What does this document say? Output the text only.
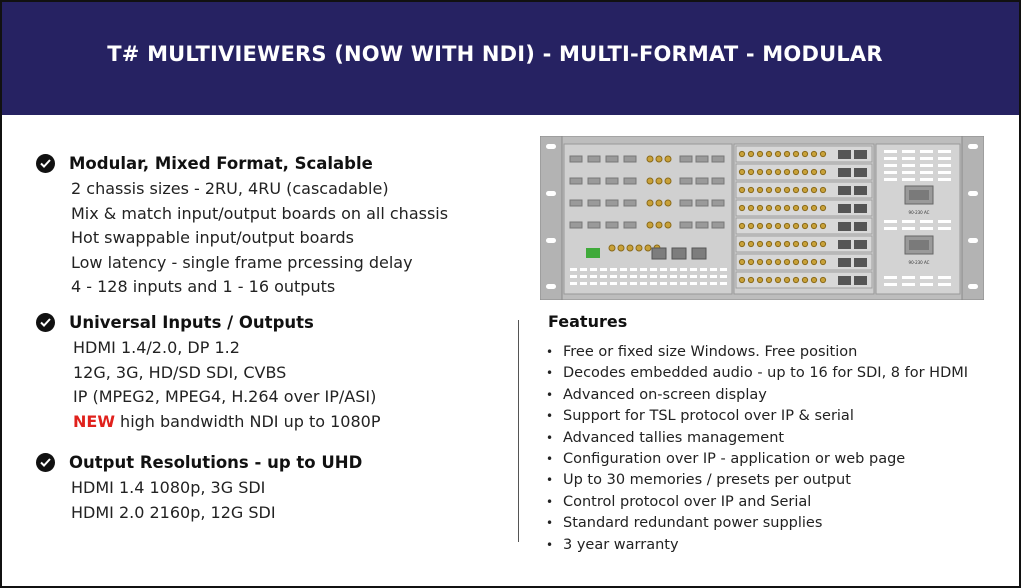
T# MULTIVIEWERS (NOW WITH NDI) - MULTI-FORMAT - MODULAR
Modular, Mixed Format, Scalable
2 chassis sizes - 2RU, 4RU (cascadable)
Mix & match input/output boards on all chassis
Hot swappable input/output boards
Low latency - single frame prcessing delay
4 - 128 inputs and 1 - 16 outputs
Universal Inputs / Outputs
HDMI 1.4/2.0, DP 1.2
12G, 3G, HD/SD SDI, CVBS
IP (MPEG2, MPEG4, H.264 over IP/ASI)
NEW high bandwidth NDI up to 1080P
Output Resolutions - up to UHD
HDMI 1.4 1080p, 3G SDI
HDMI 2.0 2160p, 12G SDI
Features
• Free or fixed size Windows. Free position
• Decodes embedded audio - up to 16 for SDI, 8 for HDMI
• Advanced on-screen display
• Support for TSL protocol over IP & serial
• Advanced tallies management
• Configuration over IP - application or web page
• Up to 30 memories / presets per output
• Control protocol over IP and Serial
• Standard redundant power supplies
• 3 year warranty
90-230 AC
90-230 AC
